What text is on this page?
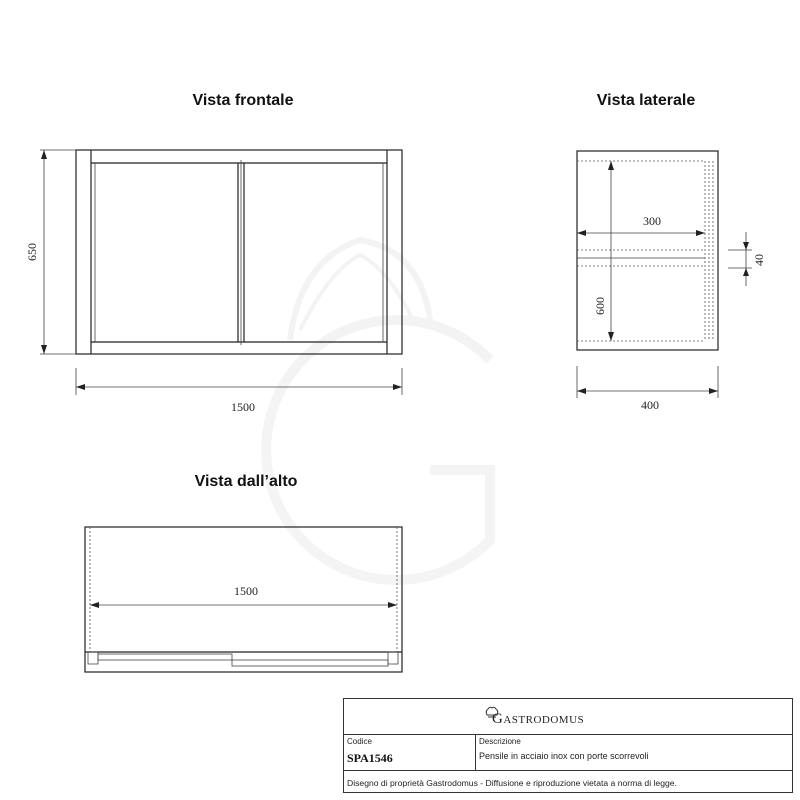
Vista frontale
650
1500
Vista laterale
300
600
40
400
Vista dall’alto
1500
Gastrodomus
Codice
SPA1546
Descrizione
Pensile in acciaio inox con porte scorrevoli
Disegno di proprietà Gastrodomus - Diffusione e riproduzione vietata a norma di legge.
